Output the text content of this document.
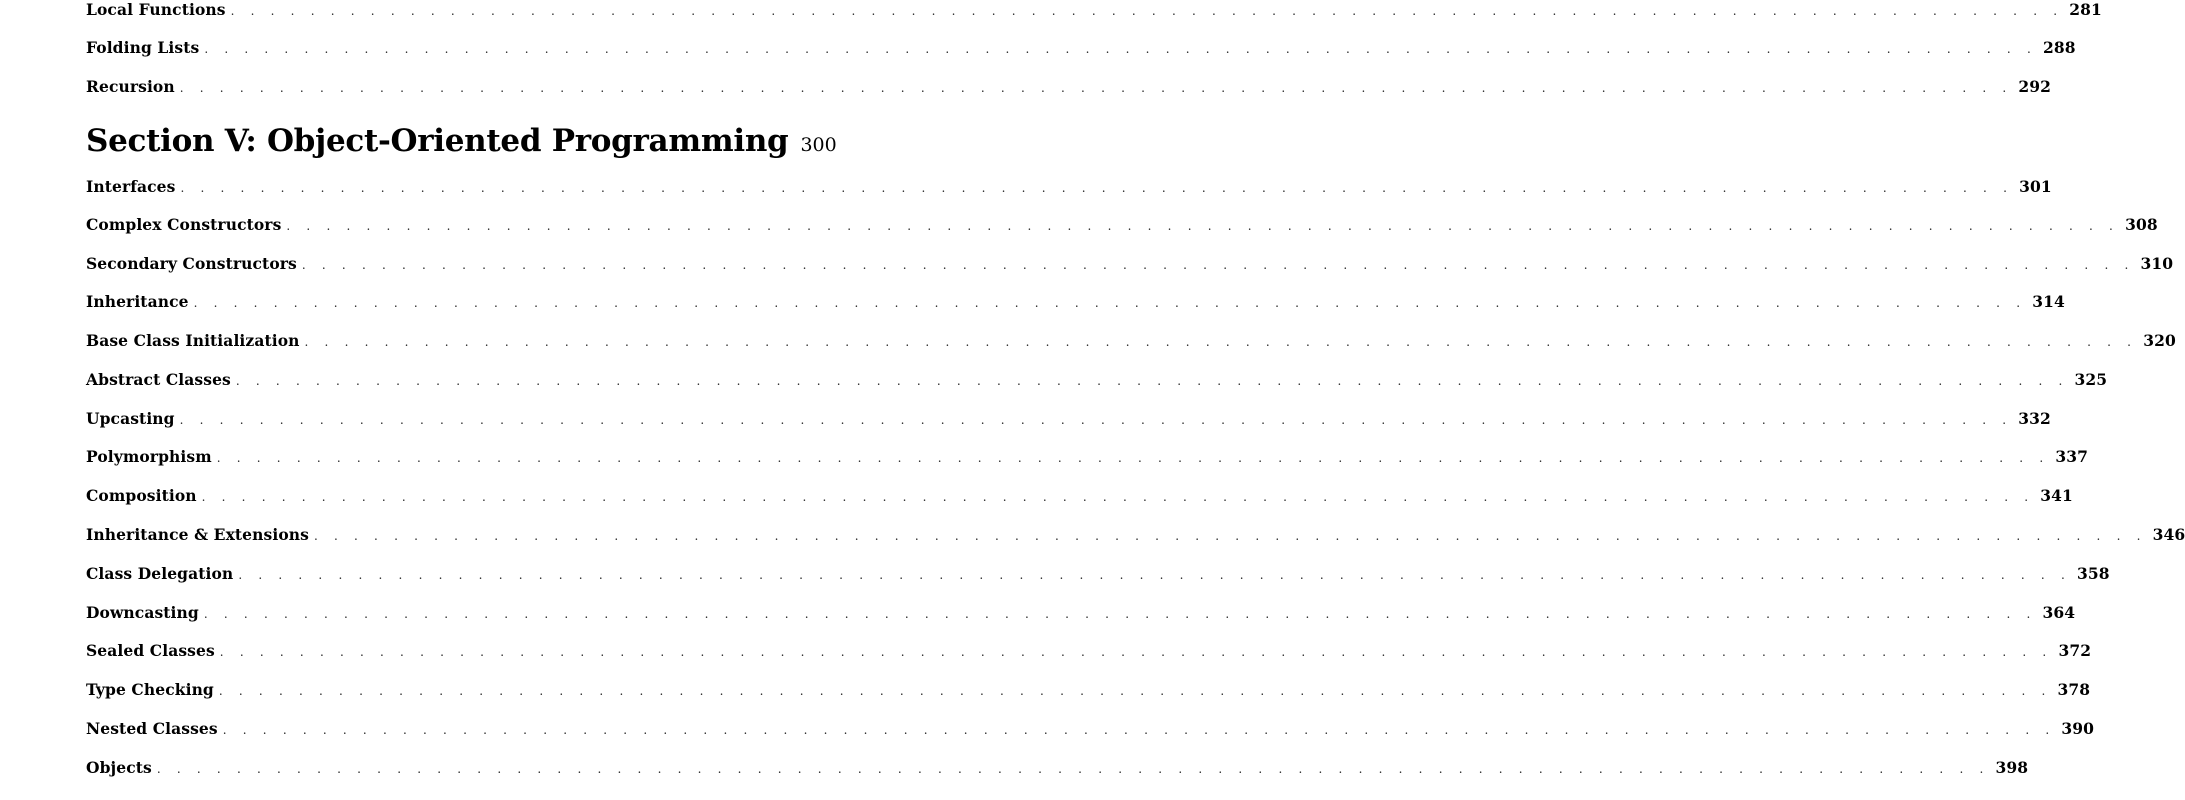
Local Functions . . .	281
Folding Lists . . .	288
Recursion . . .	292
Section V: Object-Oriented Programming 300
Interfaces . . .	301
Complex Constructors . . .	308
Secondary Constructors . . .	310
Inheritance . . .	314
Base Class Initialization . . .	320
Abstract Classes . . .	325
Upcasting . . .	332
Polymorphism . . .	337
Composition . . .	341
Inheritance & Extensions . . .	346
Class Delegation . . .	358
Downcasting . . .	364
Sealed Classes . . .	372
Type Checking . . .	378
Nested Classes . . .	390
Objects . . .	398
